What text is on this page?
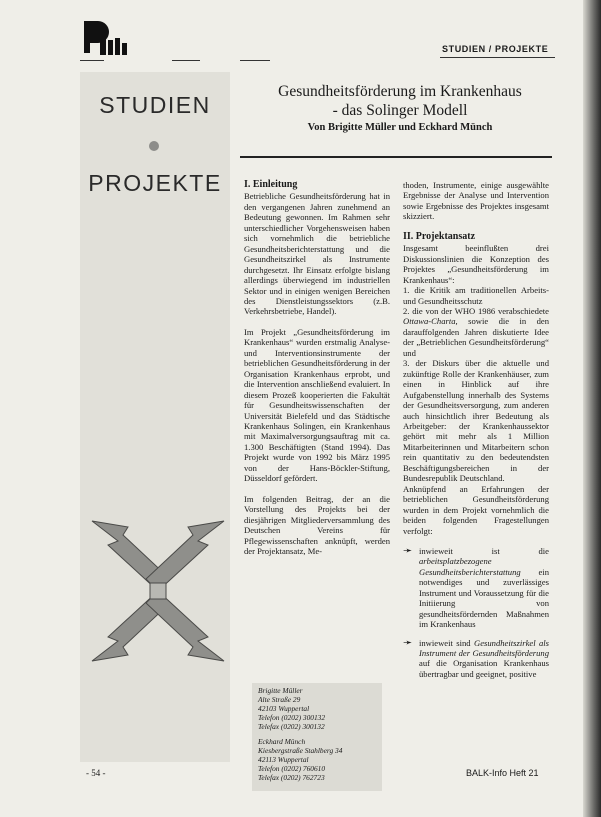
STUDIEN / PROJEKTE
STUDIEN
PROJEKTE
Gesundheitsförderung im Krankenhaus
- das Solinger Modell
Von Brigitte Müller und Eckhard Münch
I. Einleitung

Betriebliche Gesundheitsförderung hat in den vergangenen Jahren zunehmend an Bedeutung gewonnen. Im Rahmen sehr unterschiedlicher Vorgehensweisen haben sich vornehmlich die betriebliche Gesundheitsberichterstattung und die Gesundheitszirkel als Instrumente durchgesetzt. Ihr Einsatz erfolgte bislang allerdings überwiegend im industriellen Sektor und in einigen wenigen Bereichen des Dienstleistungssektors (z.B. Verkehrsbetriebe, Handel).

Im Projekt „Gesundheitsförderung im Krankenhaus“ wurden erstmalig Analyse- und Interventionsinstrumente der betrieblichen Gesundheitsförderung in der Organisation Krankenhaus erprobt, und die Intervention anschließend evaluiert. In diesem Prozeß kooperierten die Fakultät für Gesundheitswissenschaften der Universität Bielefeld und das Städtische Krankenhaus Solingen, ein Krankenhaus mit Maximalversorgungsauftrag mit ca. 1.300 Beschäftigten (Stand 1994). Das Projekt wurde von 1992 bis März 1995 von der Hans-Böckler-Stiftung, Düsseldorf gefördert.

Im folgenden Beitrag, der an die Vorstellung des Projekts bei der diesjährigen Mitgliederversammlung des Deutschen Vereins für Pflegewissenschaften anknüpft, werden der Projektansatz, Me-

Brigitte Müller
Alte Straße 29
42103 Wuppertal
Telefon (0202) 300132
Telefax (0202) 300132

Eckhard Münch
Kiesbergstraße Stahlberg 34
42113 Wuppertal
Telefon (0202) 760610
Telefax (0202) 762723

thoden, Instrumente, einige ausgewählte Ergebnisse der Analyse und Intervention sowie Ergebnisse des Projektes insgesamt skizziert.

II. Projektansatz

Insgesamt beeinflußten drei Diskussionslinien die Konzeption des Projektes „Gesundheitsförderung im Krankenhaus“:

1. die Kritik am traditionellen Arbeits- und Gesundheitsschutz

2. die von der WHO 1986 verabschiedete Ottawa-Charta, sowie die in den darauffolgenden Jahren diskutierte Idee der „Betrieblichen Gesundheitsförderung“ und

3. der Diskurs über die aktuelle und zukünftige Rolle der Krankenhäuser, zum einen in Hinblick auf ihre Aufgabenstellung innerhalb des Systems der Gesundheitsversorgung, zum anderen auch hinsichtlich ihrer Bedeutung als Arbeitgeber: der Krankenhaussektor gehört mit mehr als 1 Million Mitarbeiterinnen und Mitarbeitern schon rein quantitativ zu den bedeutendsten Beschäftigungsbereichen in der Bundesrepublik Deutschland.

Anknüpfend an Erfahrungen der betrieblichen Gesundheitsförderung wurden in dem Projekt vornehmlich die beiden folgenden Fragestellungen verfolgt:

➛ inwieweit ist die arbeitsplatzbezogene Gesundheitsberichterstattung ein notwendiges und zuverlässiges Instrument und Voraussetzung für die Initiierung von gesundheitsfördernden Maßnahmen im Krankenhaus
➛ inwieweit sind Gesundheitszirkel als Instrument der Gesundheitsförderung auf die Organisation Krankenhaus übertragbar und geeignet, positive
- 54 -	BALK-Info Heft 21
